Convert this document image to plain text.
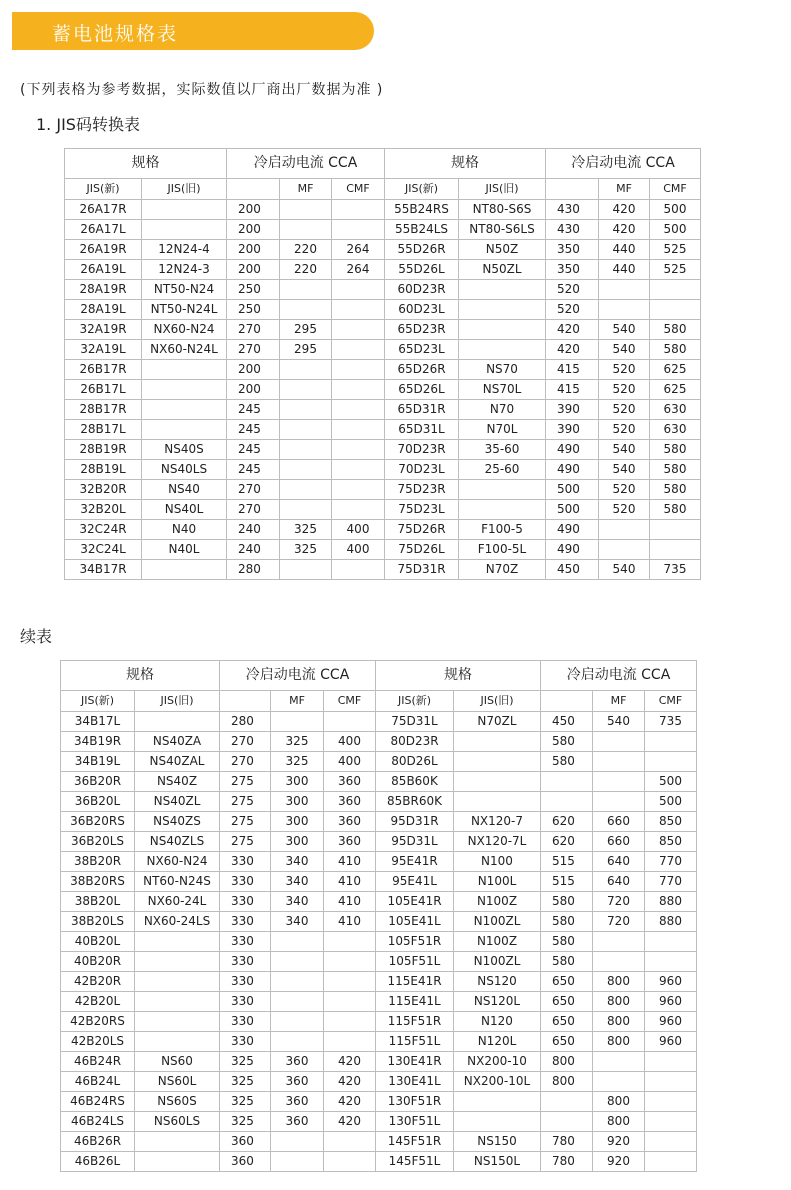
蓄电池规格表
(下列表格为参考数据，实际数值以厂商出厂数据为准 )
1. JIS码转换表
规格		冷启动电流 CCA			规格		冷启动电流 CCA		
JIS(新)	JIS(旧)		MF	CMF	JIS(新)	JIS(旧)		MF	CMF
26A17R		200			55B24RS	NT80-S6S	430	420	500
26A17L		200			55B24LS	NT80-S6LS	430	420	500
26A19R	12N24-4	200	220	264	55D26R	N50Z	350	440	525
26A19L	12N24-3	200	220	264	55D26L	N50ZL	350	440	525
28A19R	NT50-N24	250			60D23R		520		
28A19L	NT50-N24L	250			60D23L		520		
32A19R	NX60-N24	270	295		65D23R		420	540	580
32A19L	NX60-N24L	270	295		65D23L		420	540	580
26B17R		200			65D26R	NS70	415	520	625
26B17L		200			65D26L	NS70L	415	520	625
28B17R		245			65D31R	N70	390	520	630
28B17L		245			65D31L	N70L	390	520	630
28B19R	NS40S	245			70D23R	35-60	490	540	580
28B19L	NS40LS	245			70D23L	25-60	490	540	580
32B20R	NS40	270			75D23R		500	520	580
32B20L	NS40L	270			75D23L		500	520	580
32C24R	N40	240	325	400	75D26R	F100-5	490		
32C24L	N40L	240	325	400	75D26L	F100-5L	490		
34B17R		280			75D31R	N70Z	450	540	735
续表
规格		冷启动电流 CCA			规格		冷启动电流 CCA		
JIS(新)	JIS(旧)		MF	CMF	JIS(新)	JIS(旧)		MF	CMF
34B17L		280			75D31L	N70ZL	450	540	735
34B19R	NS40ZA	270	325	400	80D23R		580		
34B19L	NS40ZAL	270	325	400	80D26L		580		
36B20R	NS40Z	275	300	360	85B60K				500
36B20L	NS40ZL	275	300	360	85BR60K				500
36B20RS	NS40ZS	275	300	360	95D31R	NX120-7	620	660	850
36B20LS	NS40ZLS	275	300	360	95D31L	NX120-7L	620	660	850
38B20R	NX60-N24	330	340	410	95E41R	N100	515	640	770
38B20RS	NT60-N24S	330	340	410	95E41L	N100L	515	640	770
38B20L	NX60-24L	330	340	410	105E41R	N100Z	580	720	880
38B20LS	NX60-24LS	330	340	410	105E41L	N100ZL	580	720	880
40B20L		330			105F51R	N100Z	580		
40B20R		330			105F51L	N100ZL	580		
42B20R		330			115E41R	NS120	650	800	960
42B20L		330			115E41L	NS120L	650	800	960
42B20RS		330			115F51R	N120	650	800	960
42B20LS		330			115F51L	N120L	650	800	960
46B24R	NS60	325	360	420	130E41R	NX200-10	800		
46B24L	NS60L	325	360	420	130E41L	NX200-10L	800		
46B24RS	NS60S	325	360	420	130F51R			800	
46B24LS	NS60LS	325	360	420	130F51L			800	
46B26R		360			145F51R	NS150	780	920	
46B26L		360			145F51L	NS150L	780	920	
